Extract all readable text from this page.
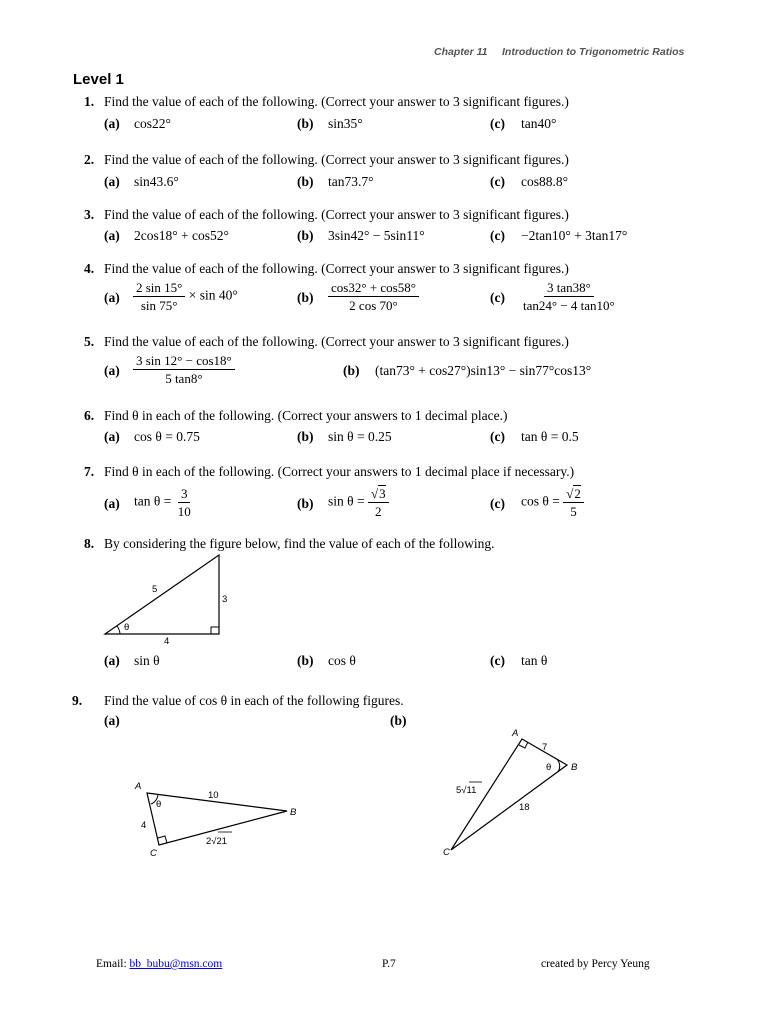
Chapter 11 Introduction to Trigonometric Ratios
Level 1
1. Find the value of each of the following. (Correct your answer to 3 significant figures.)
(a) cos22°	(b) sin35°	(c) tan40°
2. Find the value of each of the following. (Correct your answer to 3 significant figures.)
(a) sin43.6°	(b) tan73.7°	(c) cos88.8°
3. Find the value of each of the following. (Correct your answer to 3 significant figures.)
(a) 2cos18° + cos52°	(b) 3sin42° − 5sin11°	(c) −2tan10° + 3tan17°
4. Find the value of each of the following. (Correct your answer to 3 significant figures.)
$(a) \frac{2 \sin 15^\circ}{\sin 75^\circ} \times \sin 40^\circ$	$(b) \frac{\cos 32^\circ + \cos 58^\circ}{2 \cos 70^\circ}$	$(c) \frac{3 \tan 38^\circ}{\tan 24^\circ - 4 \tan 10^\circ}$
5. Find the value of each of the following. (Correct your answer to 3 significant figures.)
$(a) \frac{3 \sin 12^\circ - \cos 18^\circ}{5 \tan 8^\circ}$	(b) (tan73° + cos27°)sin13° − sin77°cos13°
6. Find θ in each of the following. (Correct your answers to 1 decimal place.)
(a) cos θ = 0.75	(b) sin θ = 0.25	(c) tan θ = 0.5
7. Find θ in each of the following. (Correct your answers to 1 decimal place if necessary.)
(a) $\tan \theta = \frac{3}{10}$	(b) $\sin \theta = \frac{√3}{2}$	(c) $\cos \theta = \frac{√2}{5}$
8. By considering the figure below, find the value of each of the following.
θ
5
3
4
(a) sin θ	(b) cos θ	(c) tan θ
9. Find the value of cos θ in each of the following figures.
(a)	(b)
θ
A
B
C
10
4
2√21
θ
A
B
C
7
18
5√11
Email: bb_bubu@msn.com	P.7	created by Percy Yeung
